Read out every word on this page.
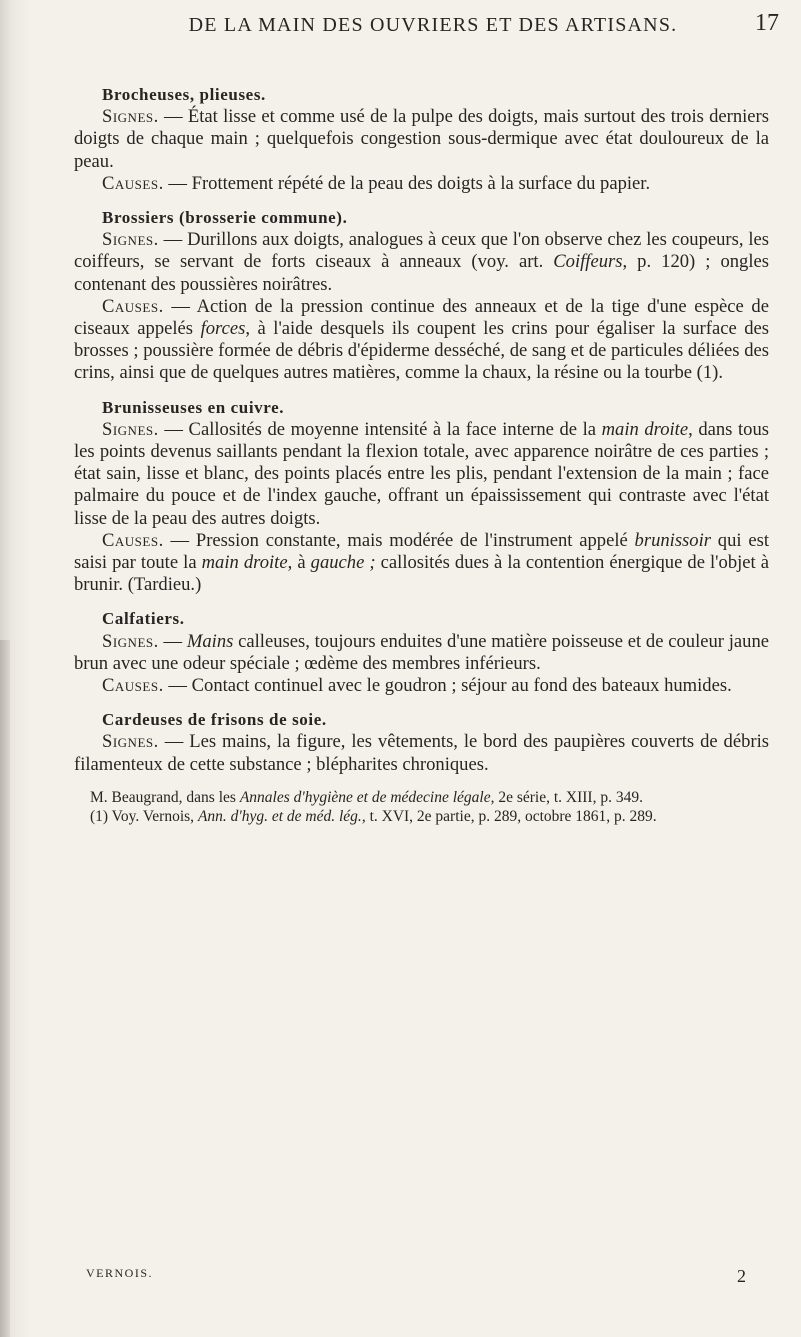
DE LA MAIN DES OUVRIERS ET DES ARTISANS.	17

Brocheuses, plieuses.

Signes. — État lisse et comme usé de la pulpe des doigts, mais surtout des trois derniers doigts de chaque main ; quelquefois congestion sous-dermique avec état douloureux de la peau.

Causes. — Frottement répété de la peau des doigts à la surface du papier.

Brossiers (brosserie commune).

Signes. — Durillons aux doigts, analogues à ceux que l'on observe chez les coupeurs, les coiffeurs, se servant de forts ciseaux à anneaux (voy. art. Coiffeurs, p. 120) ; ongles contenant des poussières noirâtres.

Causes. — Action de la pression continue des anneaux et de la tige d'une espèce de ciseaux appelés forces, à l'aide desquels ils coupent les crins pour égaliser la surface des brosses ; poussière formée de débris d'épiderme desséché, de sang et de particules déliées des crins, ainsi que de quelques autres matières, comme la chaux, la résine ou la tourbe (1).

Brunisseuses en cuivre.

Signes. — Callosités de moyenne intensité à la face interne de la main droite, dans tous les points devenus saillants pendant la flexion totale, avec apparence noirâtre de ces parties ; état sain, lisse et blanc, des points placés entre les plis, pendant l'extension de la main ; face palmaire du pouce et de l'index gauche, offrant un épaississement qui contraste avec l'état lisse de la peau des autres doigts.

Causes. — Pression constante, mais modérée de l'instrument appelé brunissoir qui est saisi par toute la main droite, à gauche ; callosités dues à la contention énergique de l'objet à brunir. (Tardieu.)

Calfatiers.

Signes. — Mains calleuses, toujours enduites d'une matière poisseuse et de couleur jaune brun avec une odeur spéciale ; œdème des membres inférieurs.

Causes. — Contact continuel avec le goudron ; séjour au fond des bateaux humides.

Cardeuses de frisons de soie.

Signes. — Les mains, la figure, les vêtements, le bord des paupières couverts de débris filamenteux de cette substance ; blépharites chroniques.

M. Beaugrand, dans les Annales d'hygiène et de médecine légale, 2e série, t. XIII, p. 349.

(1) Voy. Vernois, Ann. d'hyg. et de méd. lég., t. XVI, 2e partie, p. 289, octobre 1861, p. 289.

VERNOIS.	2
